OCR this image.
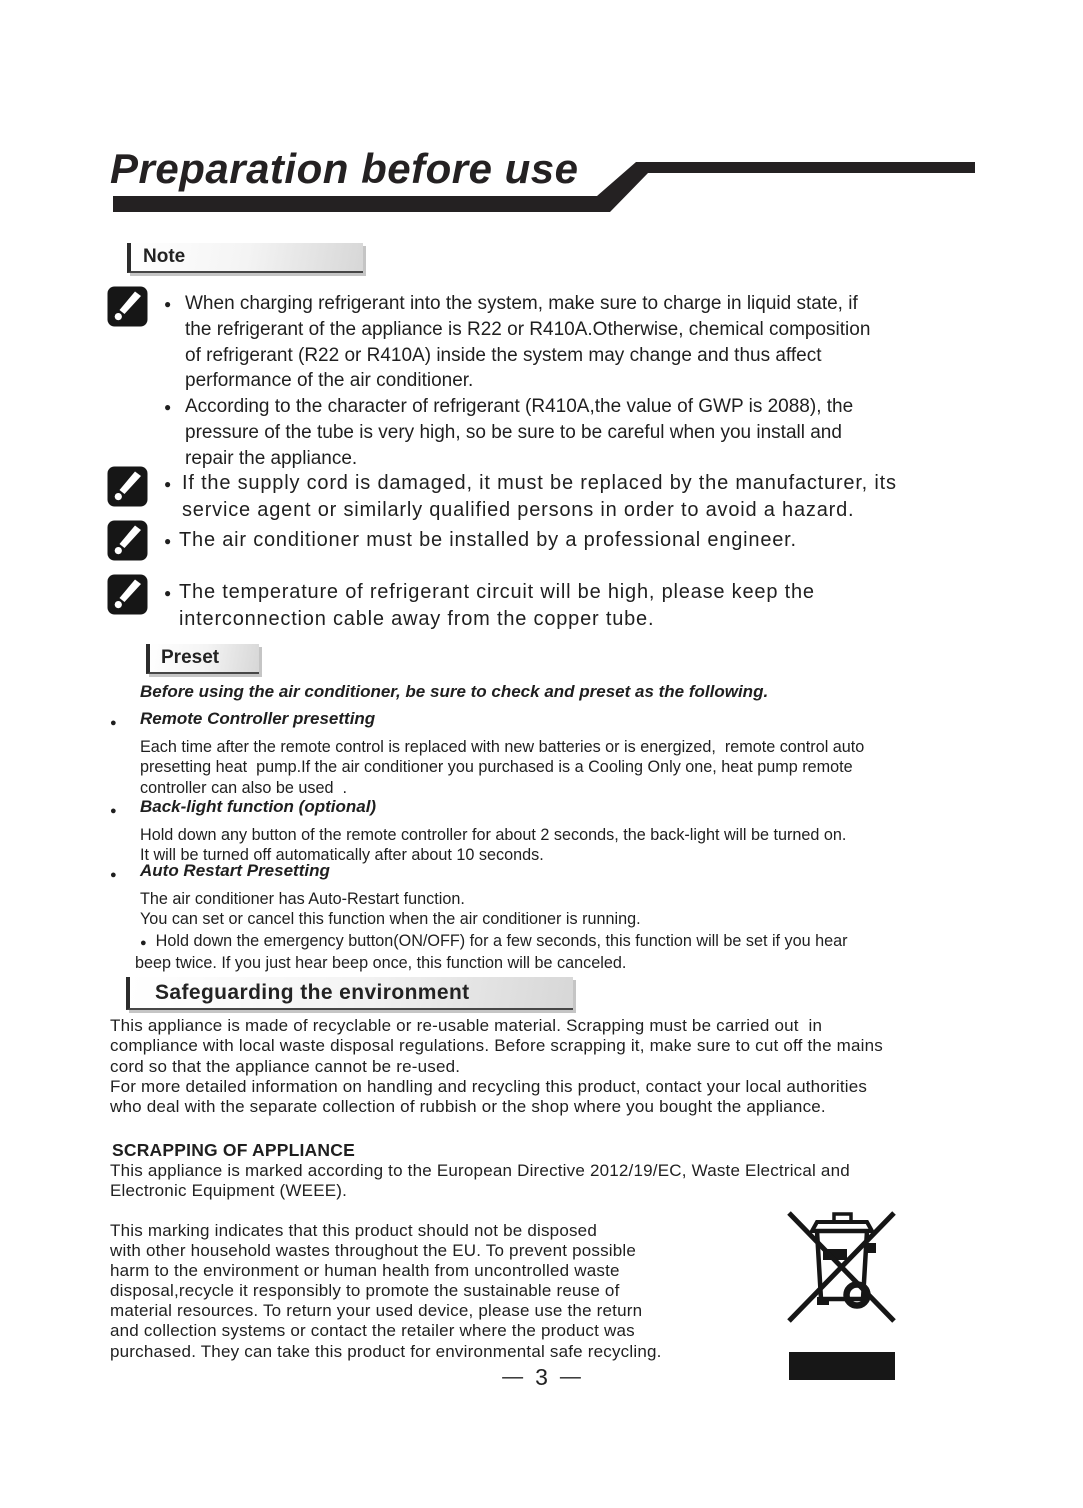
Preparation before use
Note
● When charging refrigerant into the system, make sure to charge in liquid state, if
the refrigerant of the appliance is R22 or R410A.Otherwise, chemical composition
of refrigerant (R22 or R410A) inside the system may change and thus affect
performance of the air conditioner.
● According to the character of refrigerant (R410A,the value of GWP is 2088), the
pressure of the tube is very high, so be sure to be careful when you install and
repair the appliance.
● If the supply cord is damaged, it must be replaced by the manufacturer, its
service agent or similarly qualified persons in order to avoid a hazard.
● The air conditioner must be installed by a professional engineer.
● The temperature of refrigerant circuit will be high, please keep the
interconnection cable away from the copper tube.
Preset
Before using the air conditioner, be sure to check and preset as the following.
●	Remote Controller presetting
Each time after the remote control is replaced with new batteries or is energized,  remote control auto
presetting heat  pump.If the air conditioner you purchased is a Cooling Only one, heat pump remote
controller can also be used  .
●	Back-light function (optional)
Hold down any button of the remote controller for about 2 seconds, the back-light will be turned on.
It will be turned off automatically after about 10 seconds.
●	Auto Restart Presetting
The air conditioner has Auto-Restart function.
You can set or cancel this function when the air conditioner is running.
● Hold down the emergency button(ON/OFF) for a few seconds, this function will be set if you hear
beep twice. If you just hear beep once, this function will be canceled.
Safeguarding the environment
This appliance is made of recyclable or re-usable material. Scrapping must be carried out  in
compliance with local waste disposal regulations. Before scrapping it, make sure to cut off the mains
cord so that the appliance cannot be re-used.
For more detailed information on handling and recycling this product, contact your local authorities
who deal with the separate collection of rubbish or the shop where you bought the appliance.
SCRAPPING OF APPLIANCE
This appliance is marked according to the European Directive 2012/19/EC, Waste Electrical and
Electronic Equipment (WEEE).
This marking indicates that this product should not be disposed
with other household wastes throughout the EU. To prevent possible
harm to the environment or human health from uncontrolled waste
disposal,recycle it responsibly to promote the sustainable reuse of
material resources. To return your used device, please use the return
and collection systems or contact the retailer where the product was
purchased. They can take this product for environmental safe recycling.
— 3 —
